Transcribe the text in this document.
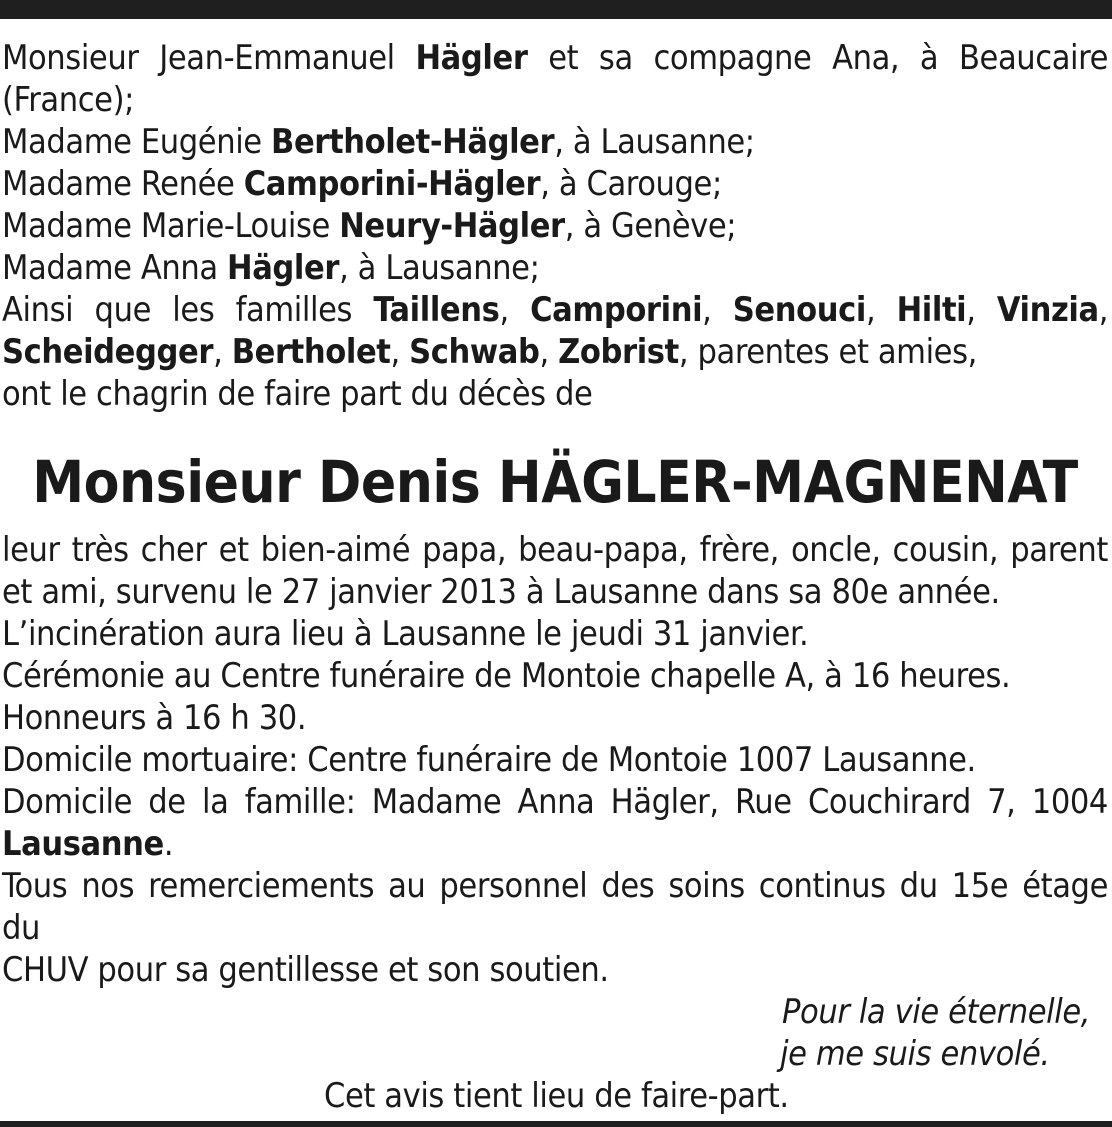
Monsieur Jean-Emmanuel Hägler et sa compagne Ana, à Beaucaire
(France);
Madame Eugénie Bertholet-Hägler, à Lausanne;
Madame Renée Camporini-Hägler, à Carouge;
Madame Marie-Louise Neury-Hägler, à Genève;
Madame Anna Hägler, à Lausanne;
Ainsi que les familles Taillens, Camporini, Senouci, Hilti, Vinzia,
Scheidegger, Bertholet, Schwab, Zobrist, parentes et amies,
ont le chagrin de faire part du décès de
Monsieur Denis HÄGLER-MAGNENAT
leur très cher et bien-aimé papa, beau-papa, frère, oncle, cousin, parent
et ami, survenu le 27 janvier 2013 à Lausanne dans sa 80e année.
L’incinération aura lieu à Lausanne le jeudi 31 janvier.
Cérémonie au Centre funéraire de Montoie chapelle A, à 16 heures.
Honneurs à 16 h 30.
Domicile mortuaire: Centre funéraire de Montoie 1007 Lausanne.
Domicile de la famille: Madame Anna Hägler, Rue Couchirard 7, 1004
Lausanne.
Tous nos remerciements au personnel des soins continus du 15e étage du
CHUV pour sa gentillesse et son soutien.
Pour la vie éternelle,
je me suis envolé.
Cet avis tient lieu de faire-part.
